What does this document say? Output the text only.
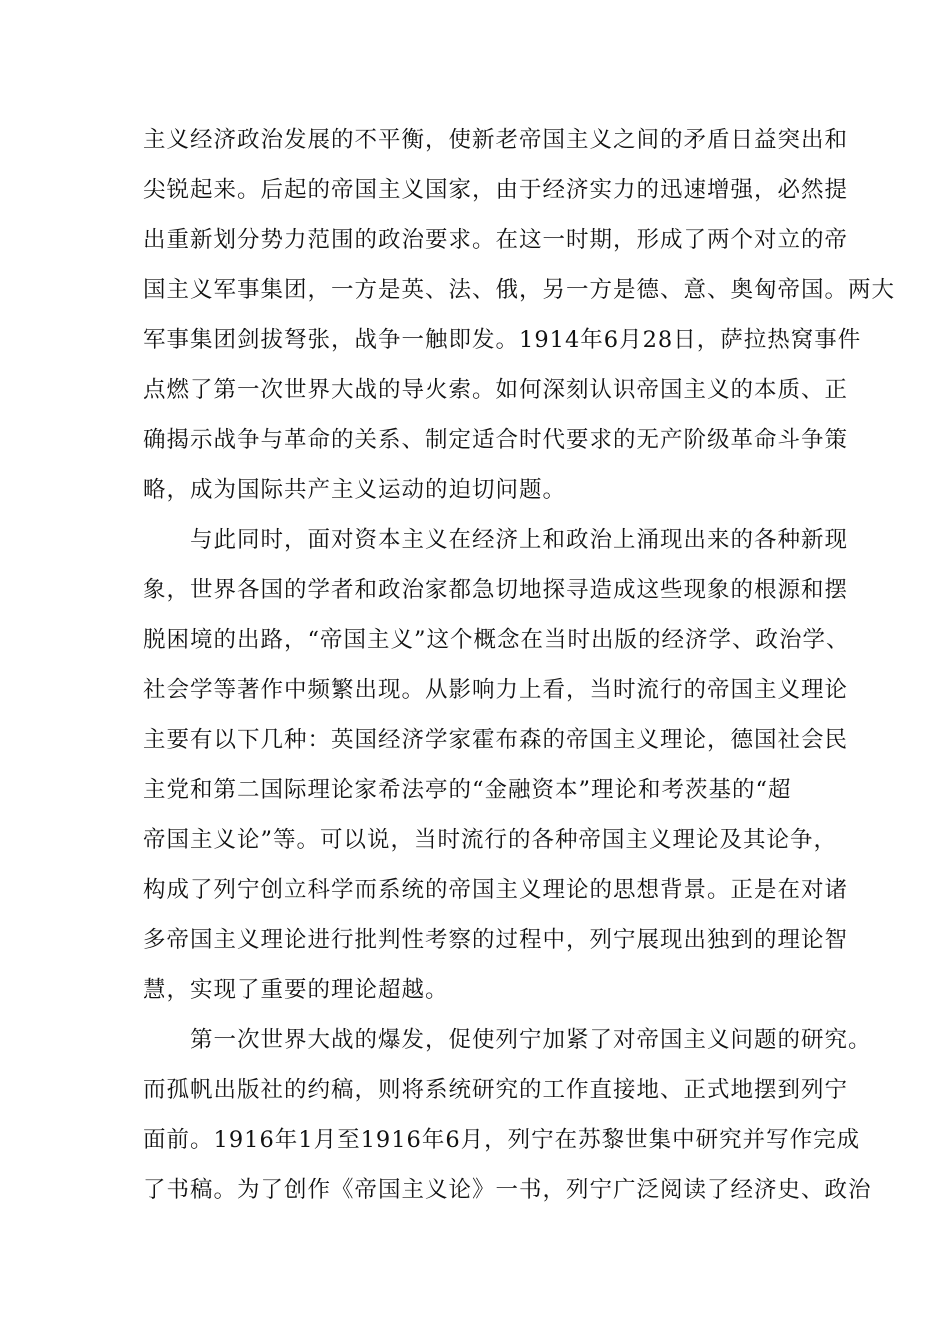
主义经济政治发展的不平衡，使新老帝国主义之间的矛盾日益突出和
尖锐起来。后起的帝国主义国家，由于经济实力的迅速增强，必然提
出重新划分势力范围的政治要求。在这一时期，形成了两个对立的帝
国主义军事集团，一方是英、法、俄，另一方是德、意、奥匈帝国。两大
军事集团剑拔弩张，战争一触即发。1914年6月28日，萨拉热窝事件
点燃了第一次世界大战的导火索。如何深刻认识帝国主义的本质、正
确揭示战争与革命的关系、制定适合时代要求的无产阶级革命斗争策
略，成为国际共产主义运动的迫切问题。
与此同时，面对资本主义在经济上和政治上涌现出来的各种新现
象，世界各国的学者和政治家都急切地探寻造成这些现象的根源和摆
脱困境的出路，“帝国主义”这个概念在当时出版的经济学、政治学、
社会学等著作中频繁出现。从影响力上看，当时流行的帝国主义理论
主要有以下几种：英国经济学家霍布森的帝国主义理论，德国社会民
主党和第二国际理论家希法亭的“金融资本”理论和考茨基的“超
帝国主义论”等。可以说，当时流行的各种帝国主义理论及其论争，
构成了列宁创立科学而系统的帝国主义理论的思想背景。正是在对诸
多帝国主义理论进行批判性考察的过程中，列宁展现出独到的理论智
慧，实现了重要的理论超越。
第一次世界大战的爆发，促使列宁加紧了对帝国主义问题的研究。
而孤帆出版社的约稿，则将系统研究的工作直接地、正式地摆到列宁
面前。1916年1月至1916年6月，列宁在苏黎世集中研究并写作完成
了书稿。为了创作《帝国主义论》一书，列宁广泛阅读了经济史、政治
